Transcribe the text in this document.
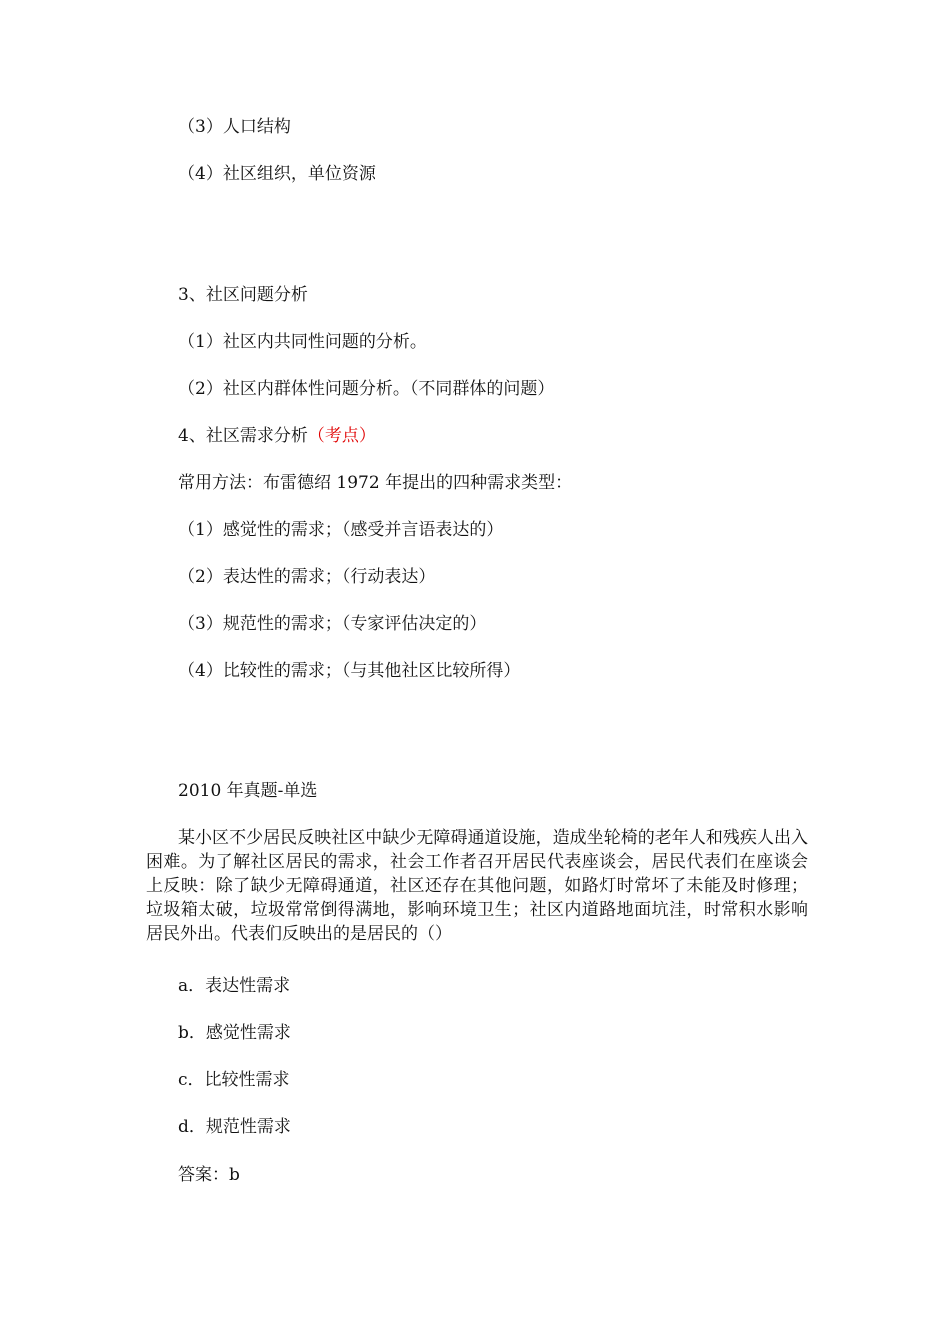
（3）人口结构
（4）社区组织，单位资源
3、社区问题分析
（1）社区内共同性问题的分析。
（2）社区内群体性问题分析。（不同群体的问题）
4、社区需求分析（考点）
常用方法：布雷德绍 1972 年提出的四种需求类型：
（1）感觉性的需求；（感受并言语表达的）
（2）表达性的需求；（行动表达）
（3）规范性的需求；（专家评估决定的）
（4）比较性的需求；（与其他社区比较所得）
2010 年真题-单选
某小区不少居民反映社区中缺少无障碍通道设施，造成坐轮椅的老年人和残疾人出入困难。为了解社区居民的需求，社会工作者召开居民代表座谈会，居民代表们在座谈会上反映：除了缺少无障碍通道，社区还存在其他问题，如路灯时常坏了未能及时修理；垃圾箱太破，垃圾常常倒得满地，影响环境卫生；社区内道路地面坑洼，时常积水影响居民外出。代表们反映出的是居民的（）
a．表达性需求
b．感觉性需求
c．比较性需求
d．规范性需求
答案：b
